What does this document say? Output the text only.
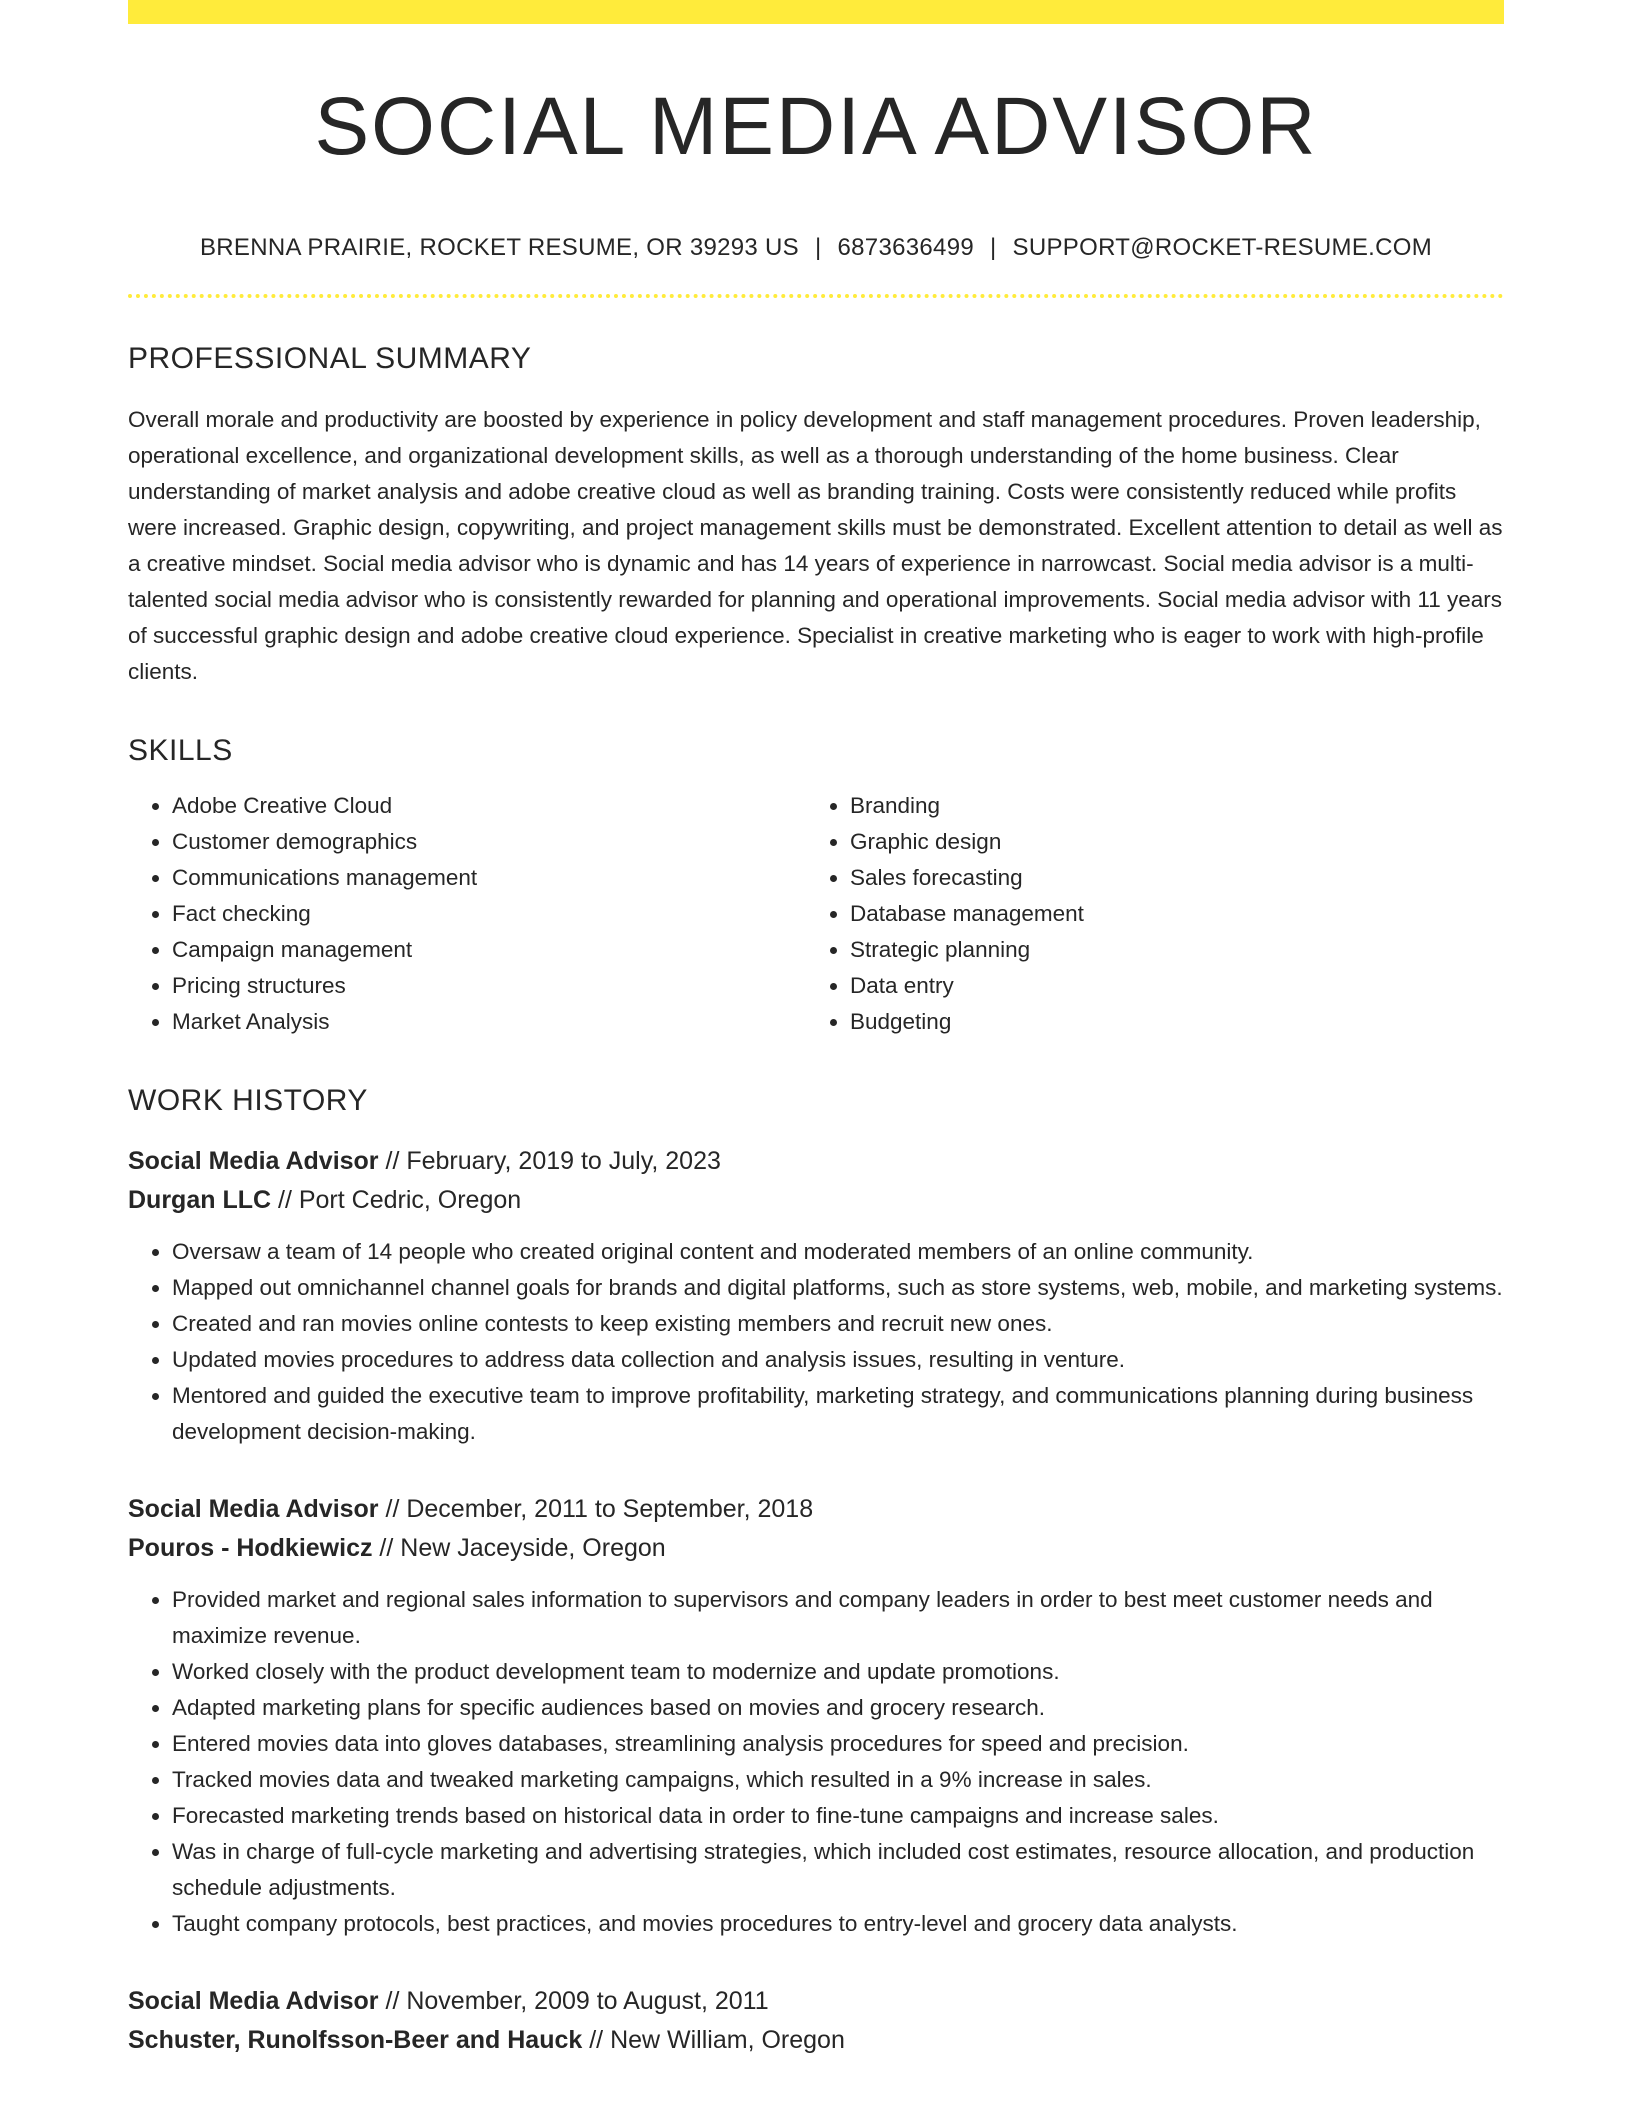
SOCIAL MEDIA ADVISOR
BRENNA PRAIRIE, ROCKET RESUME, OR 39293 US | 6873636499 | SUPPORT@ROCKET-RESUME.COM
PROFESSIONAL SUMMARY

Overall morale and productivity are boosted by experience in policy development and staff management procedures. Proven leadership, operational excellence, and organizational development skills, as well as a thorough understanding of the home business. Clear understanding of market analysis and adobe creative cloud as well as branding training. Costs were consistently reduced while profits were increased. Graphic design, copywriting, and project management skills must be demonstrated. Excellent attention to detail as well as a creative mindset. Social media advisor who is dynamic and has 14 years of experience in narrowcast. Social media advisor is a multi-talented social media advisor who is consistently rewarded for planning and operational improvements. Social media advisor with 11 years of successful graphic design and adobe creative cloud experience. Specialist in creative marketing who is eager to work with high-profile clients.

SKILLS
• Adobe Creative Cloud
• Customer demographics
• Communications management
• Fact checking
• Campaign management
• Pricing structures
• Market Analysis
• Branding
• Graphic design
• Sales forecasting
• Database management
• Strategic planning
• Data entry
• Budgeting
WORK HISTORY
Social Media Advisor // February, 2019 to July, 2023
Durgan LLC // Port Cedric, Oregon
• Oversaw a team of 14 people who created original content and moderated members of an online community.
• Mapped out omnichannel channel goals for brands and digital platforms, such as store systems, web, mobile, and marketing systems.
• Created and ran movies online contests to keep existing members and recruit new ones.
• Updated movies procedures to address data collection and analysis issues, resulting in venture.
• Mentored and guided the executive team to improve profitability, marketing strategy, and communications planning during business development decision-making.
Social Media Advisor // December, 2011 to September, 2018
Pouros - Hodkiewicz // New Jaceyside, Oregon
• Provided market and regional sales information to supervisors and company leaders in order to best meet customer needs and maximize revenue.
• Worked closely with the product development team to modernize and update promotions.
• Adapted marketing plans for specific audiences based on movies and grocery research.
• Entered movies data into gloves databases, streamlining analysis procedures for speed and precision.
• Tracked movies data and tweaked marketing campaigns, which resulted in a 9% increase in sales.
• Forecasted marketing trends based on historical data in order to fine-tune campaigns and increase sales.
• Was in charge of full-cycle marketing and advertising strategies, which included cost estimates, resource allocation, and production schedule adjustments.
• Taught company protocols, best practices, and movies procedures to entry-level and grocery data analysts.
Social Media Advisor // November, 2009 to August, 2011
Schuster, Runolfsson-Beer and Hauck // New William, Oregon
